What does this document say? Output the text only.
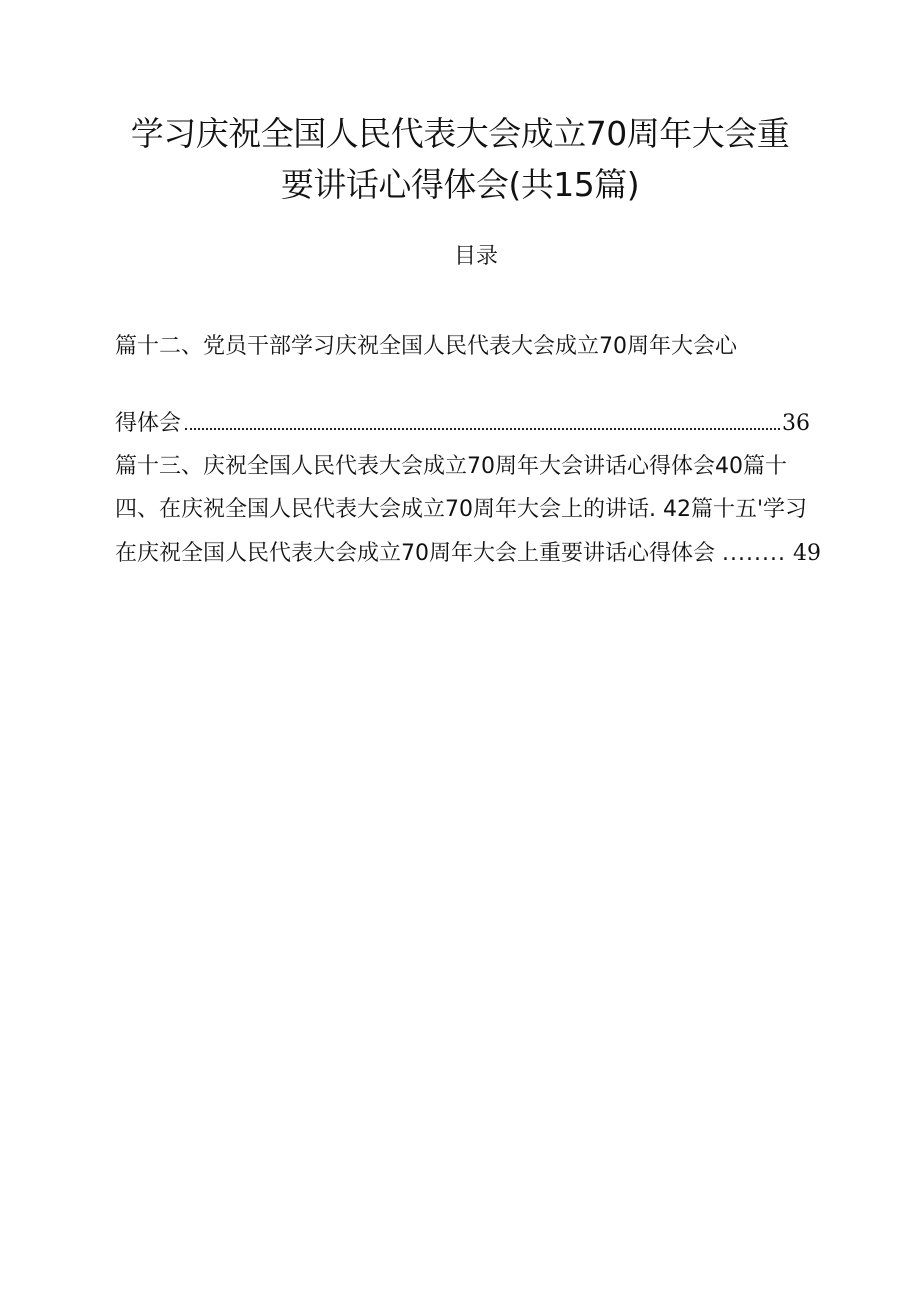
学习庆祝全国人民代表大会成立70周年大会重
要讲话心得体会(共15篇)
目录
篇十二、党员干部学习庆祝全国人民代表大会成立70周年大会心
得体会	36
篇十三、庆祝全国人民代表大会成立70周年大会讲话心得体会40篇十
四、在庆祝全国人民代表大会成立70周年大会上的讲话. 42篇十五'学习
在庆祝全国人民代表大会成立70周年大会上重要讲话心得体会 ........ 49
